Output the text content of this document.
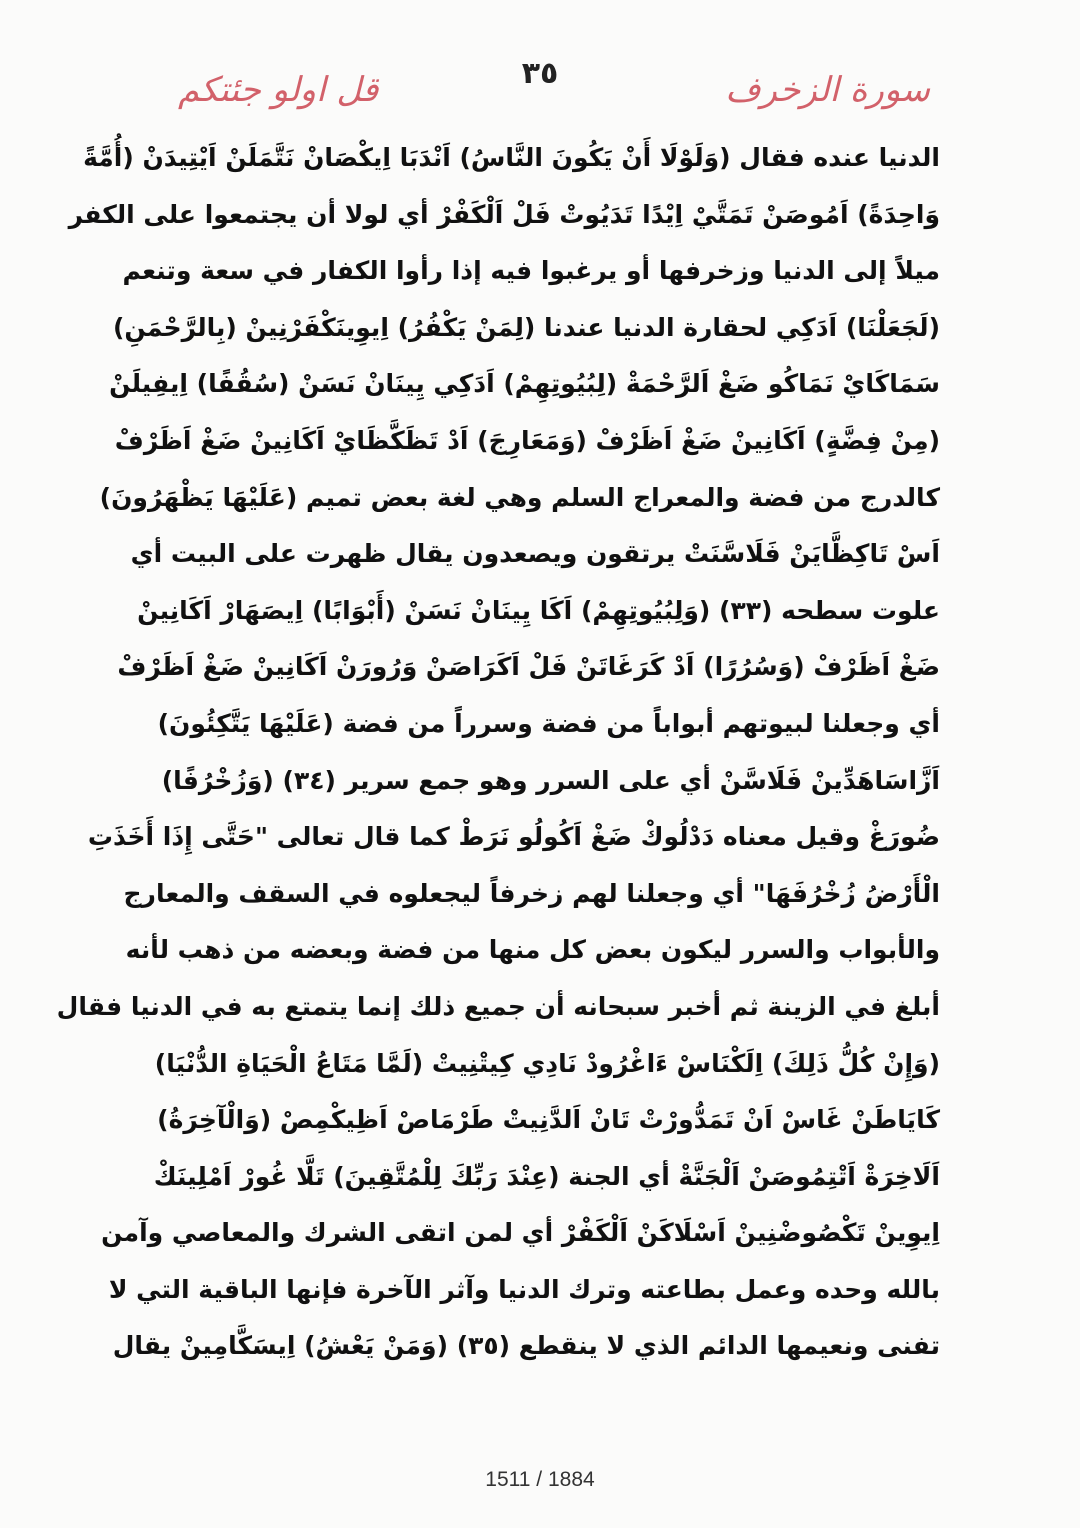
سورة الزخرف
٣٥
قل اولو جئتكم
الدنيا عنده فقال (وَلَوْلَا أَنْ يَكُونَ النَّاسُ) اَنْدَبَا اِيكْصَانْ نَتَّمَلَنْ اَيْتِيدَنْ (أُمَّةً
وَاحِدَةً) اَمُوصَنْ تَمَتَّيْ اِيْدًا تَدَيُوتْ فَلْ اَلْكَفْرْ أي لولا أن يجتمعوا على الكفر
ميلاً إلى الدنيا وزخرفها أو يرغبوا فيه إذا رأوا الكفار في سعة وتنعم
(لَجَعَلْنَا) اَدَكِي لحقارة الدنيا عندنا (لِمَنْ يَكْفُرُ) اِيوِينَكْفَرْنِينْ (بِالرَّحْمَنِ)
سَمَاكَايْ نَمَاكُو ضَغْ اَلرَّحْمَةْ (لِبُيُوتِهِمْ) اَدَكِي يِينَانْ نَسَنْ (سُقُفًا) اِيفِيلَنْ
(مِنْ فِضَّةٍ) اَكَانِينْ ضَغْ اَظَرْفْ (وَمَعَارِجَ) اَدْ تَظَكَّظَايْ اَكَانِينْ ضَغْ اَظَرْفْ
كالدرج من فضة والمعراج السلم وهي لغة بعض تميم (عَلَيْهَا يَظْهَرُونَ)
اَسْ تَاكِظَّايَنْ فَلَاسَّنَتْ يرتقون ويصعدون يقال ظهرت على البيت أي
علوت سطحه (٣٣) (وَلِبُيُوتِهِمْ) اَكَا يِينَانْ نَسَنْ (أَبْوَابًا) اِيصَهَارْ اَكَانِينْ
ضَغْ اَظَرْفْ (وَسُرُرًا) اَدْ كَرَغَاتَنْ فَلْ اَكَرَاصَنْ وَرُورَنْ اَكَانِينْ ضَغْ اَظَرْفْ
أي وجعلنا لبيوتهم أبواباً من فضة وسرراً من فضة (عَلَيْهَا يَتَّكِئُونَ)
اَزَّاسَاهَدِّينْ فَلَاسَّنْ أي على السرر وهو جمع سرير (٣٤) (وَزُخْرُفًا)
ضُورَغْ وقيل معناه دَدْلُوكْ ضَغْ اَكُولُو نَرَطْ كما قال تعالى "حَتَّى إِذَا أَخَذَتِ
الْأَرْضُ زُخْرُفَهَا" أي وجعلنا لهم زخرفاً ليجعلوه في السقف والمعارج
والأبواب والسرر ليكون بعض كل منها من فضة وبعضه من ذهب لأنه
أبلغ في الزينة ثم أخبر سبحانه أن جميع ذلك إنما يتمتع به في الدنيا فقال
(وَإِنْ كُلُّ ذَلِكَ) اِلَكْنَاسْ ءَاغْرُودْ نَادِي كِيتْنِيتْ (لَمَّا مَتَاعُ الْحَيَاةِ الدُّنْيَا)
كَايَاطَنْ غَاسْ اَنْ تَمَدُّورْتْ تَانْ اَلدَّنِيتْ طَرْمَاصْ اَظِيكْمِصْ (وَالْآخِرَةُ)
اَلَاخِرَةْ اَتْتِمُوصَنْ اَلْجَنَّةْ أي الجنة (عِنْدَ رَبِّكَ لِلْمُتَّقِينَ) تَلَّا غُورْ اَمْلِينَكْ
اِيوِينْ تَكْصُوضْنِينْ اَسْلَاكَنْ اَلْكَفْرْ أي لمن اتقى الشرك والمعاصي وآمن
بالله وحده وعمل بطاعته وترك الدنيا وآثر الآخرة فإنها الباقية التي لا
تفنى ونعيمها الدائم الذي لا ينقطع (٣٥) (وَمَنْ يَعْشُ) اِيسَكَّامِينْ يقال
1511 / 1884
